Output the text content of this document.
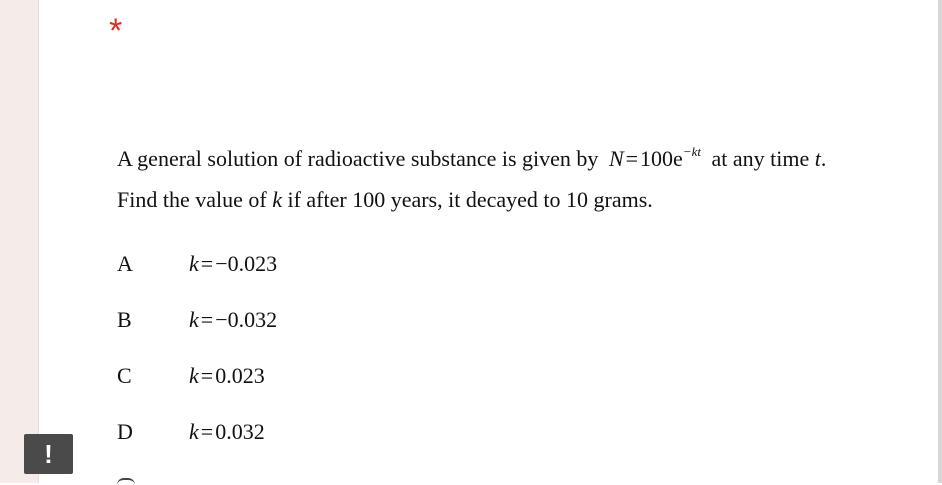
*
A general solution of radioactive substance is given by $N=100e^{-kt}$ at any time t.
Find the value of k if after 100 years, it decayed to 10 grams.
A	k=−0.023
B	k=−0.032
C	k=0.023
D	k=0.032
!
